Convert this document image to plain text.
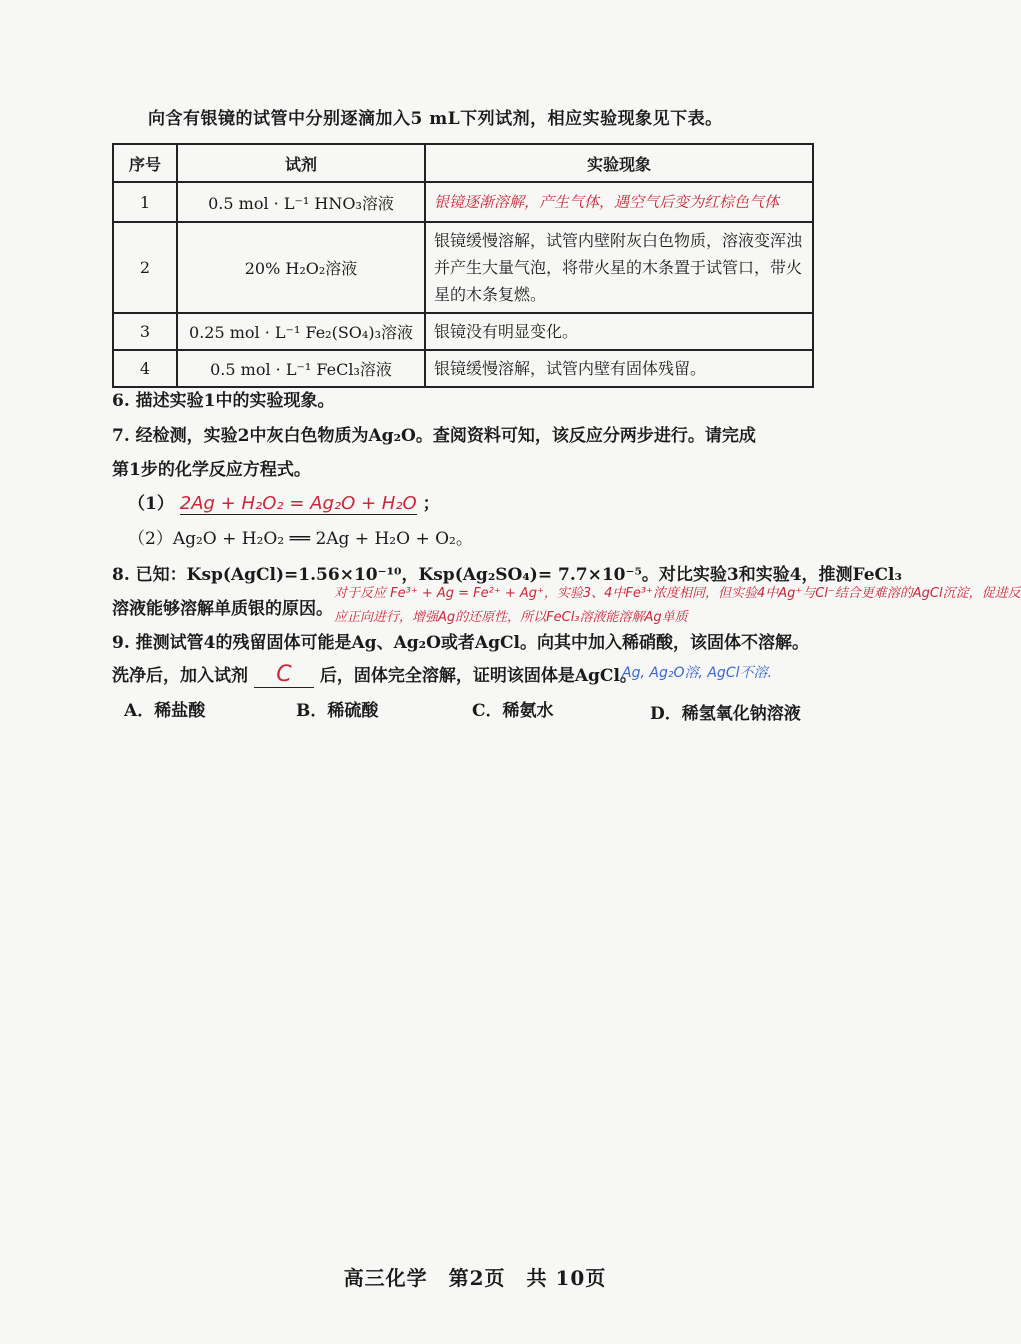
向含有银镜的试管中分别逐滴加入5 mL下列试剂，相应实验现象见下表。
序号	试剂	实验现象
1	0.5 mol · L⁻¹ HNO₃溶液	银镜逐渐溶解，产生气体，遇空气后变为红棕色气体
2	20% H₂O₂溶液	银镜缓慢溶解，试管内壁附灰白色物质，溶液变浑浊并产生大量气泡，将带火星的木条置于试管口，带火星的木条复燃。
3	0.25 mol · L⁻¹ Fe₂(SO₄)₃溶液	银镜没有明显变化。
4	0.5 mol · L⁻¹ FeCl₃溶液	银镜缓慢溶解，试管内壁有固体残留。
6. 描述实验1中的实验现象。
7. 经检测，实验2中灰白色物质为Ag₂O。查阅资料可知，该反应分两步进行。请完成
第1步的化学反应方程式。
（1） 2Ag + H₂O₂ = Ag₂O + H₂O ；
（2）Ag₂O + H₂O₂ ══ 2Ag + H₂O + O₂。
8. 已知：Ksp(AgCl)=1.56×10⁻¹⁰，Ksp(Ag₂SO₄)= 7.7×10⁻⁵。对比实验3和实验4，推测FeCl₃
溶液能够溶解单质银的原因。
对于反应 Fe³⁺ + Ag = Fe²⁺ + Ag⁺，实验3、4中Fe³⁺浓度相同，但实验4中Ag⁺与Cl⁻结合更难溶的AgCl沉淀，促进反
应正向进行，增强Ag的还原性，所以FeCl₃溶液能溶解Ag单质
9. 推测试管4的残留固体可能是Ag、Ag₂O或者AgCl。向其中加入稀硝酸，该固体不溶解。
洗净后，加入试剂 C 后，固体完全溶解，证明该固体是AgCl。
Ag, Ag₂O溶, AgCl不溶.
A．稀盐酸	B．稀硫酸	C．稀氨水	D．稀氢氧化钠溶液
高三化学　第2页　共 10页
